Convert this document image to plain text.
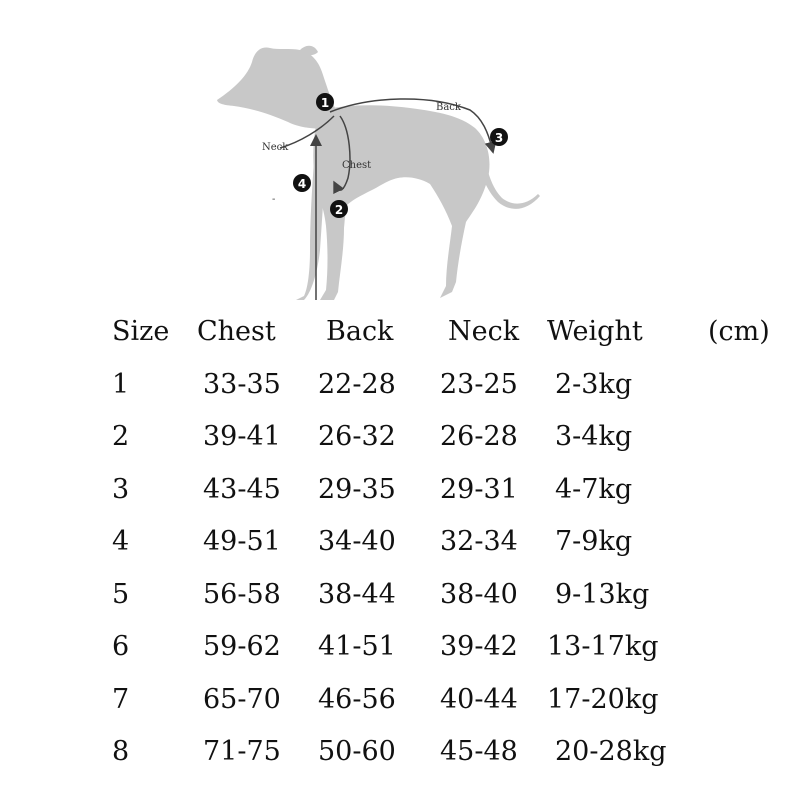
Back
Neck
Chest
-
1
2
3
4
Size Chest Back Neck Weight (cm)
1	33-35 22-28 23-25 2-3kg
2	39-41 26-32 26-28 3-4kg
3	43-45 29-35 29-31 4-7kg
4	49-51 34-40 32-34 7-9kg
5	56-58 38-44 38-40 9-13kg
6	59-62 41-51 39-42 13-17kg
7	65-70 46-56 40-44 17-20kg
8	71-75 50-60 45-48 20-28kg
